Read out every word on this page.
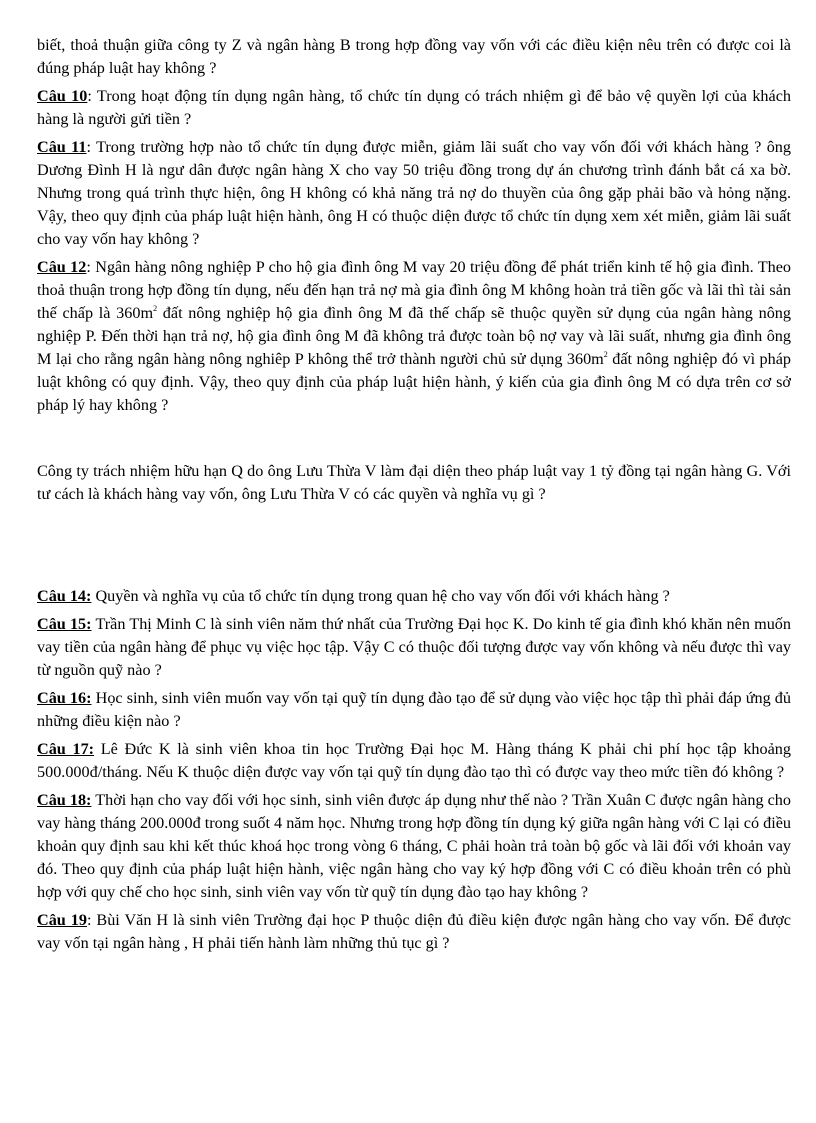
biết, thoả thuận giữa công ty Z và ngân hàng B trong hợp đồng vay vốn với các điều kiện nêu trên có được coi là đúng pháp luật hay không ?

Câu 10: Trong hoạt động tín dụng ngân hàng, tổ chức tín dụng có trách nhiệm gì để bảo vệ quyền lợi của khách hàng là người gửi tiền ?

Câu 11: Trong trường hợp nào tổ chức tín dụng được miễn, giảm lãi suất cho vay vốn đối với khách hàng ? ông Dương Đình H là ngư dân được ngân hàng X cho vay 50 triệu đồng trong dự án chương trình đánh bắt cá xa bờ. Nhưng trong quá trình thực hiện, ông H không có khả năng trả nợ do thuyền của ông gặp phải bão và hỏng nặng. Vậy, theo quy định của pháp luật hiện hành, ông H có thuộc diện được tổ chức tín dụng xem xét miễn, giảm lãi suất cho vay vốn hay không ?

Câu 12: Ngân hàng nông nghiệp P cho hộ gia đình ông M vay 20 triệu đồng để phát triển kinh tế hộ gia đình. Theo thoả thuận trong hợp đồng tín dụng, nếu đến hạn trả nợ mà gia đình ông M không hoàn trả tiền gốc và lãi thì tài sản thế chấp là $360m^2$ đất nông nghiệp hộ gia đình ông M đã thế chấp sẽ thuộc quyền sử dụng của ngân hàng nông nghiệp P. Đến thời hạn trả nợ, hộ gia đình ông M đã không trả được toàn bộ nợ vay và lãi suất, nhưng gia đình ông M lại cho rằng ngân hàng nông nghiêp P không thể trở thành người chủ sử dụng $360m^2$ đất nông nghiệp đó vì pháp luật không có quy định. Vậy, theo quy định của pháp luật hiện hành, ý kiến của gia đình ông M có dựa trên cơ sở pháp lý hay không ?

Công ty trách nhiệm hữu hạn Q do ông Lưu Thừa V làm đại diện theo pháp luật vay 1 tỷ đồng tại ngân hàng G. Với tư cách là khách hàng vay vốn, ông Lưu Thừa V có các quyền và nghĩa vụ gì ?

Câu 14: Quyền và nghĩa vụ của tổ chức tín dụng trong quan hệ cho vay vốn đối với khách hàng ?

Câu 15: Trần Thị Minh C là sinh viên năm thứ nhất của Trường Đại học K. Do kinh tế gia đình khó khăn nên muốn vay tiền của ngân hàng để phục vụ việc học tập. Vậy C có thuộc đối tượng được vay vốn không và nếu được thì vay từ nguồn quỹ nào ?

Câu 16: Học sinh, sinh viên muốn vay vốn tại quỹ tín dụng đào tạo để sử dụng vào việc học tập thì phải đáp ứng đủ những điều kiện nào ?

Câu 17: Lê Đức K là sinh viên khoa tin học Trường Đại học M. Hàng tháng K phải chi phí học tập khoảng 500.000đ/tháng. Nếu K thuộc diện được vay vốn tại quỹ tín dụng đào tạo thì có được vay theo mức tiền đó không ?

Câu 18: Thời hạn cho vay đối với học sinh, sinh viên được áp dụng như thế nào ? Trần Xuân C được ngân hàng cho vay hàng tháng 200.000đ trong suốt 4 năm học. Nhưng trong hợp đồng tín dụng ký giữa ngân hàng với C lại có điều khoản quy định sau khi kết thúc khoá học trong vòng 6 tháng, C phải hoàn trả toàn bộ gốc và lãi đối với khoản vay đó. Theo quy định của pháp luật hiện hành, việc ngân hàng cho vay ký hợp đồng với C có điều khoản trên có phù hợp với quy chế cho học sinh, sinh viên vay vốn từ quỹ tín dụng đào tạo hay không ?

Câu 19: Bùi Văn H là sinh viên Trường đại học P thuộc diện đủ điều kiện được ngân hàng cho vay vốn. Để được vay vốn tại ngân hàng , H phải tiến hành làm những thủ tục gì ?
